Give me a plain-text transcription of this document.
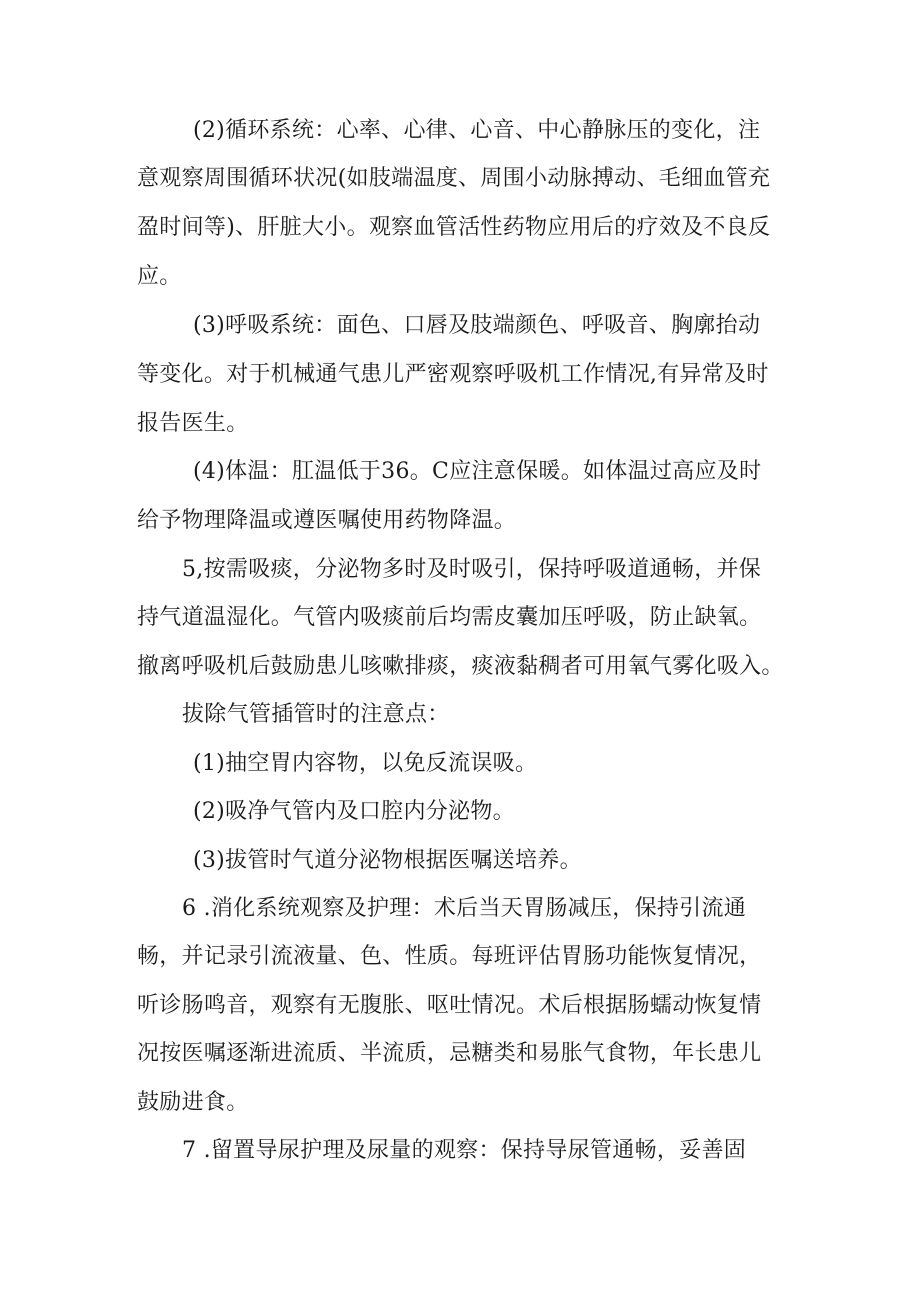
(2)循环系统：心率、心律、心音、中心静脉压的变化，注
意观察周围循环状况(如肢端温度、周围小动脉搏动、毛细血管充
盈时间等)、肝脏大小。观察血管活性药物应用后的疗效及不良反
应。
(3)呼吸系统：面色、口唇及肢端颜色、呼吸音、胸廓抬动
等变化。对于机械通气患儿严密观察呼吸机工作情况,有异常及时
报告医生。
(4)体温：肛温低于36。C应注意保暖。如体温过高应及时
给予物理降温或遵医嘱使用药物降温。
5,按需吸痰，分泌物多时及时吸引，保持呼吸道通畅，并保
持气道温湿化。气管内吸痰前后均需皮囊加压呼吸，防止缺氧。
撤离呼吸机后鼓励患儿咳嗽排痰，痰液黏稠者可用氧气雾化吸入。
拔除气管插管时的注意点：
(1)抽空胃内容物，以免反流误吸。
(2)吸净气管内及口腔内分泌物。
(3)拔管时气道分泌物根据医嘱送培养。
6 .消化系统观察及护理：术后当天胃肠减压，保持引流通
畅，并记录引流液量、色、性质。每班评估胃肠功能恢复情况，
听诊肠鸣音，观察有无腹胀、呕吐情况。术后根据肠蠕动恢复情
况按医嘱逐渐进流质、半流质，忌糖类和易胀气食物，年长患儿
鼓励进食。
7 .留置导尿护理及尿量的观察：保持导尿管通畅，妥善固
